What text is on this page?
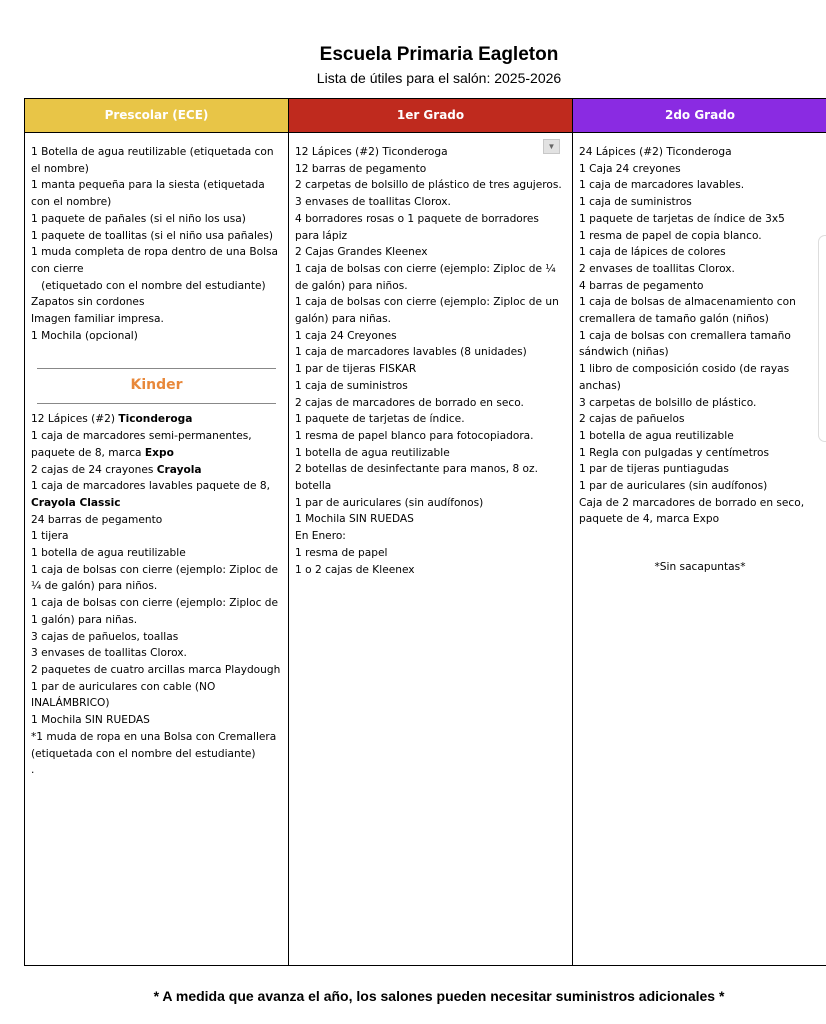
Escuela Primaria Eagleton
Lista de útiles para el salón: 2025-2026
Prescolar (ECE)
1 Botella de agua reutilizable (etiquetada con el nombre)
1 manta pequeña para la siesta (etiquetada con el nombre)
1 paquete de pañales (si el niño los usa)
1 paquete de toallitas (si el niño usa pañales)
1 muda completa de ropa dentro de una Bolsa con cierre
(etiquetado con el nombre del estudiante)
Zapatos sin cordones
Imagen familiar impresa.
1 Mochila (opcional)
Kinder
12 Lápices (#2) Ticonderoga
1 caja de marcadores semi-permanentes, paquete de 8, marca Expo
2 cajas de 24 crayones Crayola
1 caja de marcadores lavables paquete de 8, Crayola Classic
24 barras de pegamento
1 tijera
1 botella de agua reutilizable
1 caja de bolsas con cierre (ejemplo: Ziploc de ¼ de galón) para niños.
1 caja de bolsas con cierre (ejemplo: Ziploc de 1 galón) para niñas.
3 cajas de pañuelos, toallas
3 envases de toallitas Clorox.
2 paquetes de cuatro arcillas marca Playdough
1 par de auriculares con cable (NO INALÁMBRICO)
1 Mochila SIN RUEDAS
*1 muda de ropa en una Bolsa con Cremallera (etiquetada con el nombre del estudiante)
.
1er Grado
▼
12 Lápices (#2) Ticonderoga
12 barras de pegamento
2 carpetas de bolsillo de plástico de tres agujeros.
3 envases de toallitas Clorox.
4 borradores rosas o 1 paquete de borradores para lápiz
2 Cajas Grandes Kleenex
1 caja de bolsas con cierre (ejemplo: Ziploc de ¼ de galón) para niños.
1 caja de bolsas con cierre (ejemplo: Ziploc de un galón) para niñas.
1 caja 24 Creyones
1 caja de marcadores lavables (8 unidades)
1 par de tijeras FISKAR
1 caja de suministros
2 cajas de marcadores de borrado en seco.
1 paquete de tarjetas de índice.
1 resma de papel blanco para fotocopiadora.
1 botella de agua reutilizable
2 botellas de desinfectante para manos, 8 oz. botella
1 par de auriculares (sin audífonos)
1 Mochila SIN RUEDAS
En Enero:
1 resma de papel
1 o 2 cajas de Kleenex
2do Grado
24 Lápices (#2) Ticonderoga
1 Caja 24 creyones
1 caja de marcadores lavables.
1 caja de suministros
1 paquete de tarjetas de índice de 3x5
1 resma de papel de copia blanco.
1 caja de lápices de colores
2 envases de toallitas Clorox.
4 barras de pegamento
1 caja de bolsas de almacenamiento con cremallera de tamaño galón (niños)
1 caja de bolsas con cremallera tamaño sándwich (niñas)
1 libro de composición cosido (de rayas anchas)
3 carpetas de bolsillo de plástico.
2 cajas de pañuelos
1 botella de agua reutilizable
1 Regla con pulgadas y centímetros
1 par de tijeras puntiagudas
1 par de auriculares (sin audífonos)
Caja de 2 marcadores de borrado en seco, paquete de 4, marca Expo
*Sin sacapuntas*
* A medida que avanza el año, los salones pueden necesitar suministros adicionales *
